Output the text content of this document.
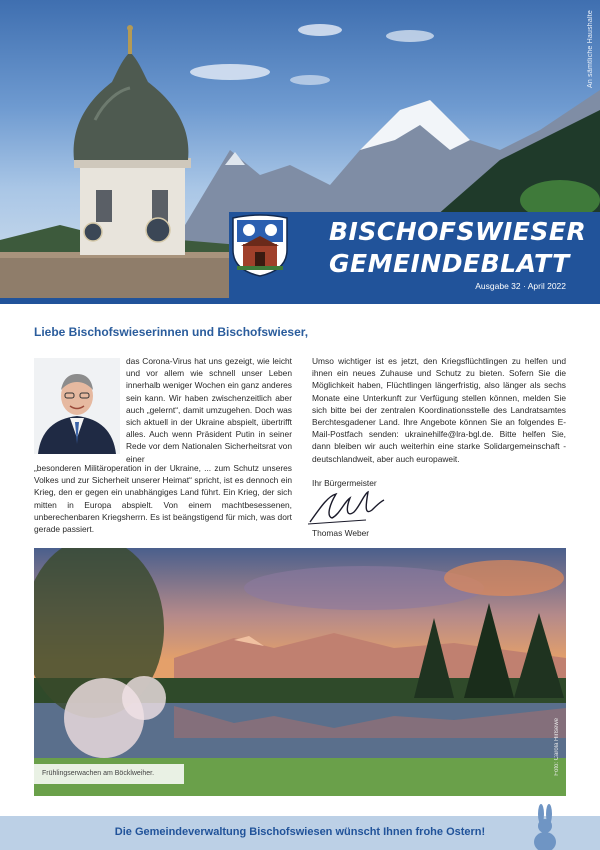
An sämtliche Haushalte
BISCHOFSWIESER
GEMEINDEBLATT
Ausgabe 32 · April 2022
Liebe Bischofswieserinnen und Bischofswieser,
das Corona-Virus hat uns gezeigt, wie leicht und vor allem wie schnell unser Leben innerhalb weniger Wochen ein ganz anderes sein kann. Wir haben zwischenzeitlich aber auch „gelernt“, damit umzugehen. Doch was sich aktuell in der Ukraine abspielt, übertrifft alles. Auch wenn Präsident Putin in seiner Rede vor dem Nationalen Sicherheitsrat von einer
„besonderen Militäroperation in der Ukraine, ... zum Schutz unseres Volkes und zur Sicherheit unserer Heimat“ spricht, ist es dennoch ein Krieg, den er gegen ein unabhängiges Land führt. Ein Krieg, der sich mitten in Europa abspielt. Von einem machtbesessenen, unberechenbaren Kriegsherrn. Es ist beängstigend für mich, was dort gerade passiert.
Umso wichtiger ist es jetzt, den Kriegsflüchtlingen zu helfen und ihnen ein neues Zuhause und Schutz zu bieten. Sofern Sie die Möglichkeit haben, Flüchtlingen längerfristig, also länger als sechs Monate eine Unterkunft zur Verfügung stellen können, melden Sie sich bitte bei der zentralen Koordinationsstelle des Landratsamtes Berchtesgadener Land. Ihre Angebote können Sie an folgendes E-Mail-Postfach senden: ukrainehilfe@lra-bgl.de. Bitte helfen Sie, dann bleiben wir auch weiterhin eine starke Solidargemeinschaft - deutschlandweit, aber auch europaweit.
Ihr Bürgermeister
Thomas Weber
Frühlingserwachen am Böcklweiher.	Foto: Carola Hirlsewe
Die Gemeindeverwaltung Bischofswiesen wünscht Ihnen frohe Ostern!
